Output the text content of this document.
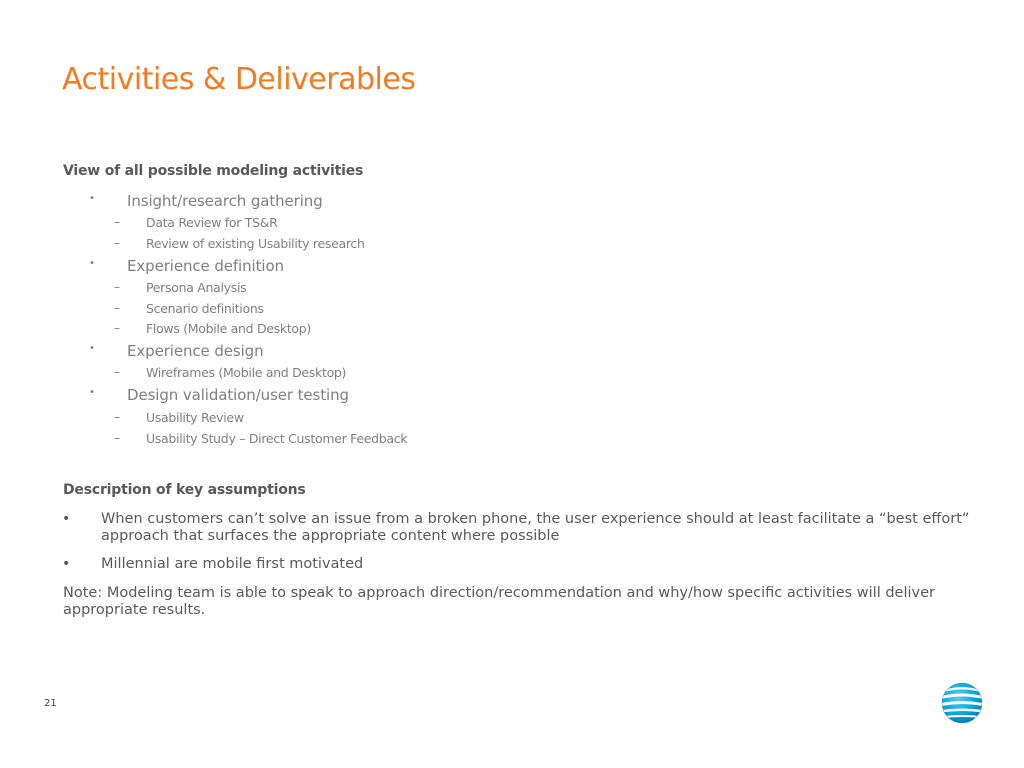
Activities & Deliverables
View of all possible modeling activities
• Insight/research gathering
– Data Review for TS&R
– Review of existing Usability research
• Experience definition
– Persona Analysis
– Scenario definitions
– Flows (Mobile and Desktop)
• Experience design
– Wireframes (Mobile and Desktop)
• Design validation/user testing
– Usability Review
– Usability Study – Direct Customer Feedback
Description of key assumptions
• When customers can’t solve an issue from a broken phone, the user experience should at least facilitate a “best effort” approach that surfaces the appropriate content where possible
• Millennial are mobile first motivated
Note: Modeling team is able to speak to approach direction/recommendation and why/how specific activities will deliver appropriate results.
21
